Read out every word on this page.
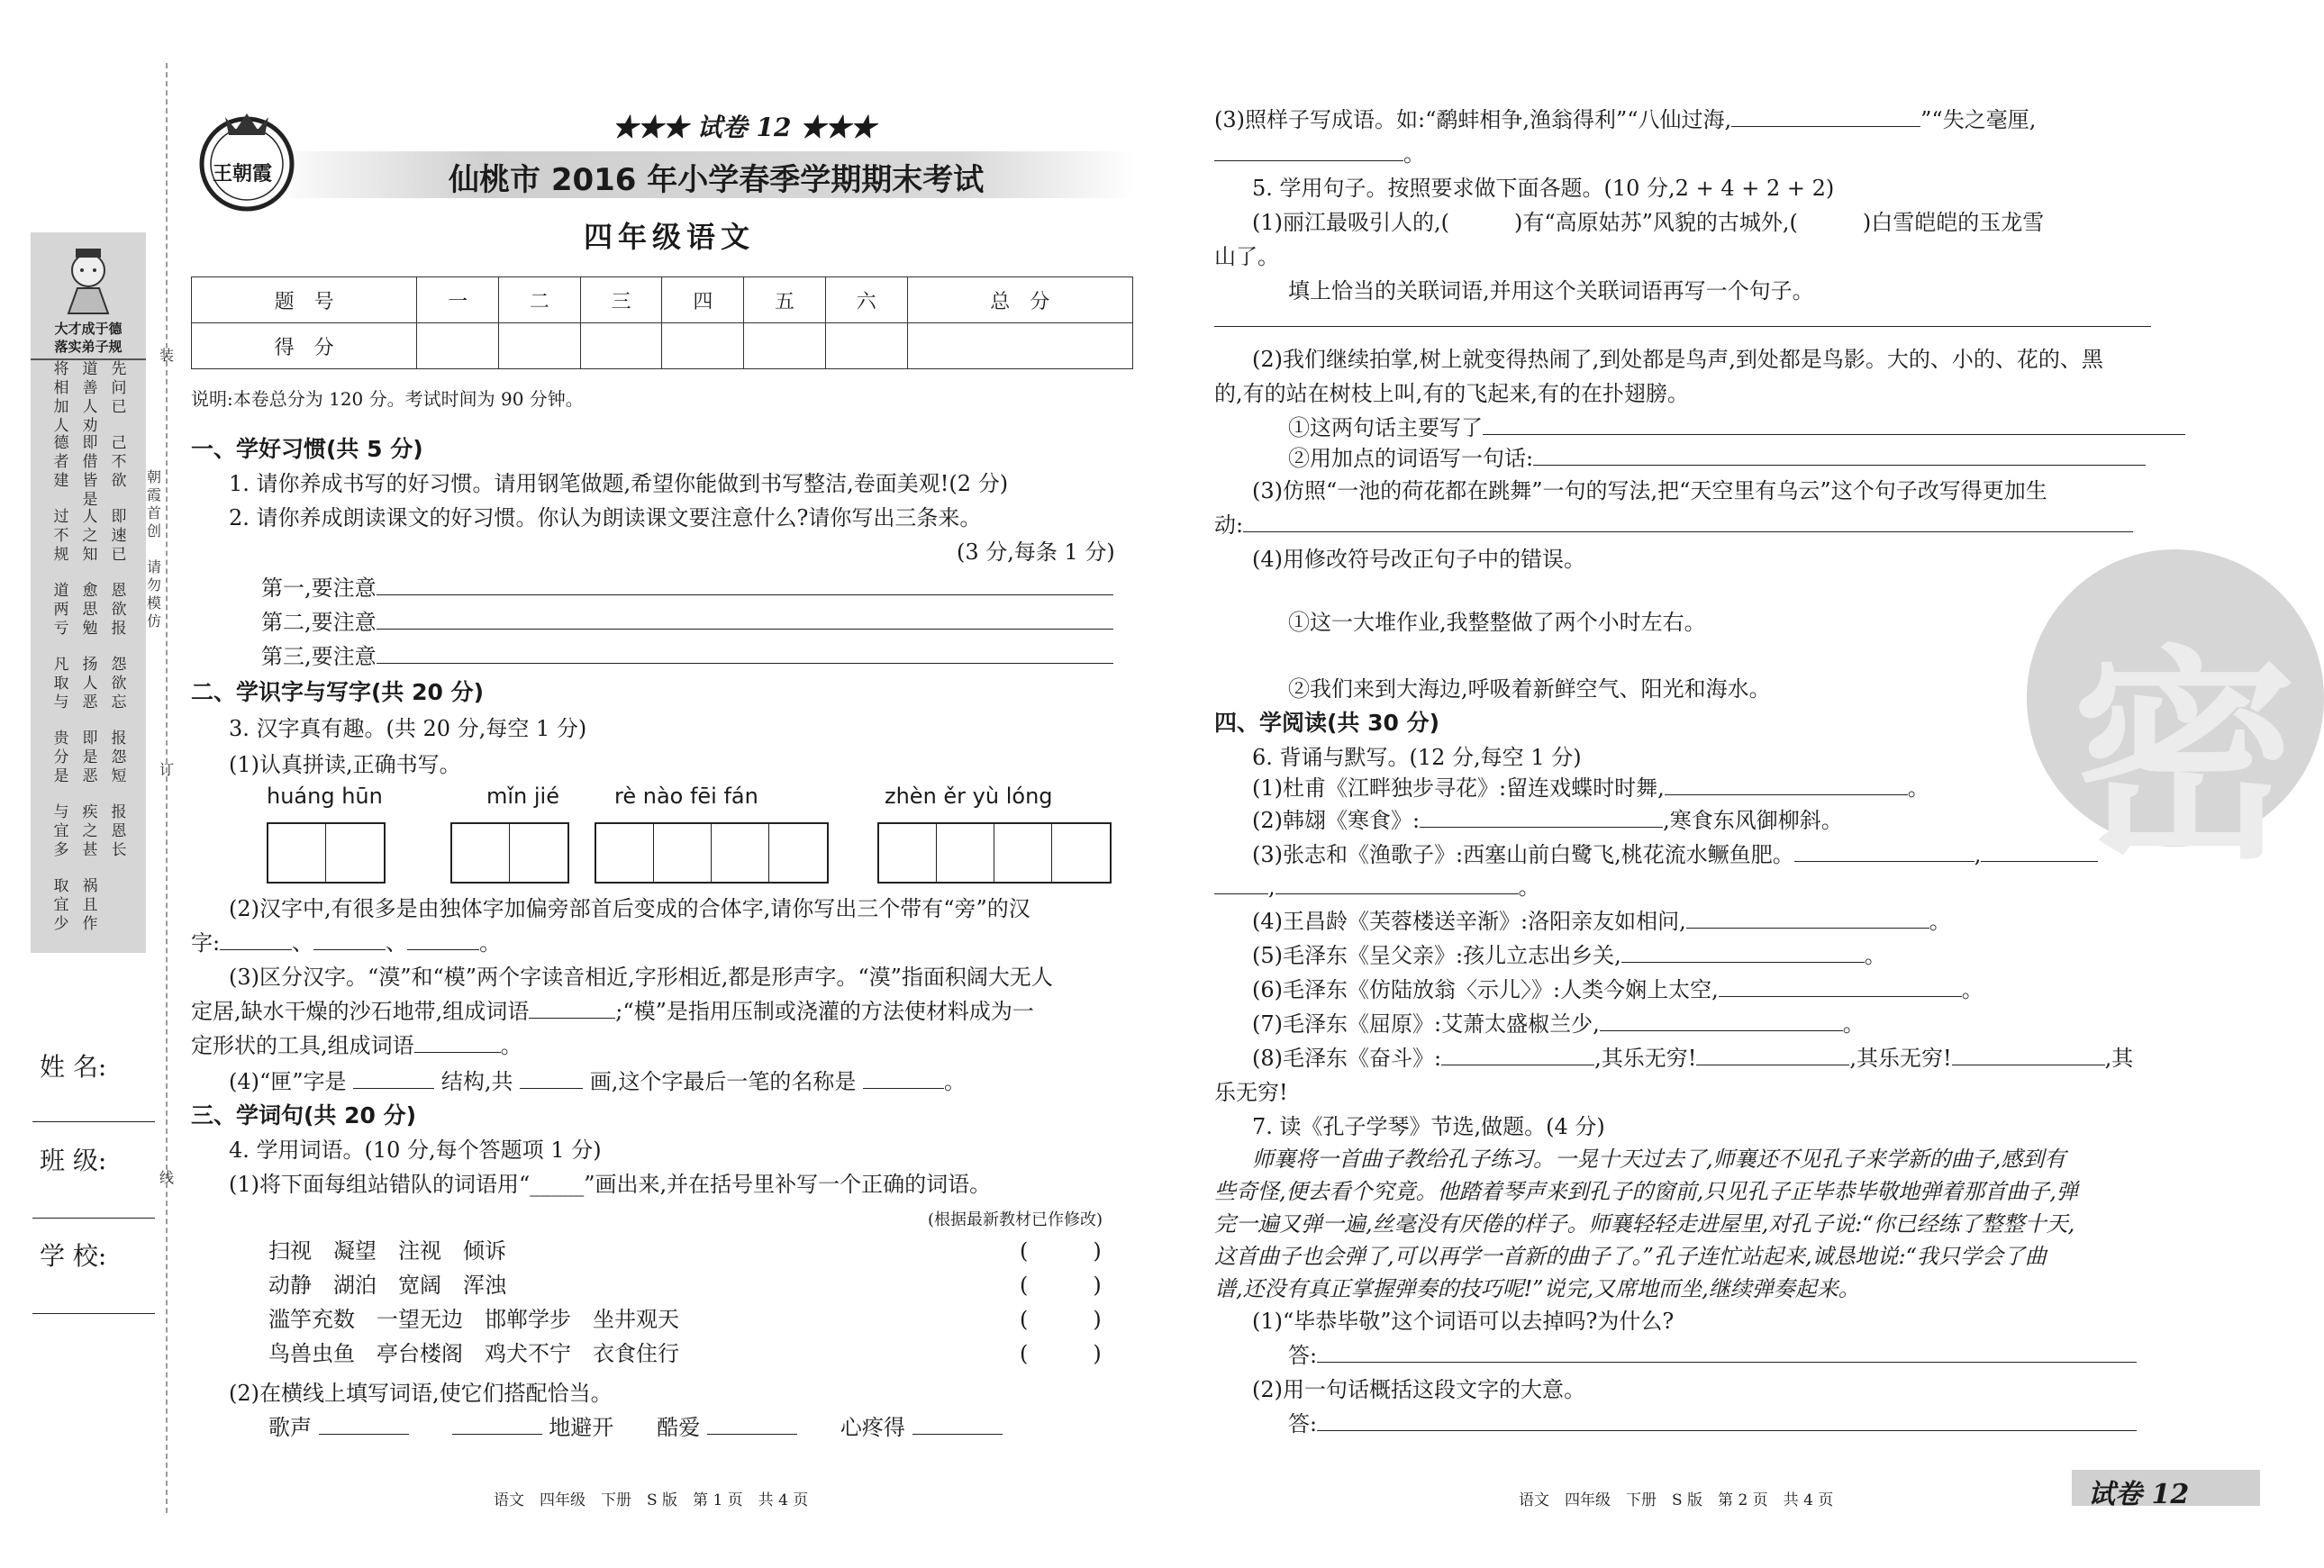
大才成于德
落实弟子规
将相加人
道善人劝
先问已
德者建
即借皆是
己不欲
过不规
人之知
即速已
道两亏
愈思勉
恩欲报
凡取与
扬人恶
怨欲忘
贵分是
即是恶
报怨短
与宜多
疾之甚
报恩长
取宜少
祸且作
装
订
线
朝霞首创
请勿模仿
姓 名:
班 级:
学 校:
王朝霞
★★★ 试卷 12 ★★★
仙桃市 2016 年小学春季学期期末考试
四年级语文
题　号	一	二	三	四	五	六	总　分
得　分							
说明:本卷总分为 120 分。考试时间为 90 分钟。
一、学好习惯(共 5 分)
1. 请你养成书写的好习惯。请用钢笔做题,希望你能做到书写整洁,卷面美观!(2 分)
2. 请你养成朗读课文的好习惯。你认为朗读课文要注意什么?请你写出三条来。
(3 分,每条 1 分)
第一,要注意
第二,要注意
第三,要注意
二、学识字与写字(共 20 分)
3. 汉字真有趣。(共 20 分,每空 1 分)
(1)认真拼读,正确书写。
huáng hūn	mǐn jié	rè nào fēi fán	zhèn ěr yù lóng
(2)汉字中,有很多是由独体字加偏旁部首后变成的合体字,请你写出三个带有“旁”的汉
字:	、	、	。
(3)区分汉字。“漠”和“模”两个字读音相近,字形相近,都是形声字。“漠”指面积阔大无人
定居,缺水干燥的沙石地带,组成词语	;“模”是指用压制或浇灌的方法使材料成为一
定形状的工具,组成词语	。
(4)“匣”字是	结构,共	画,这个字最后一笔的名称是	。
三、学词句(共 20 分)
4. 学用词语。(10 分,每个答题项 1 分)
(1)将下面每组站错队的词语用“_____”画出来,并在括号里补写一个正确的词语。
(根据最新教材已作修改)
扫视　凝望　注视　倾诉	(　　　)
动静　湖泊　宽阔　浑浊	(　　　)
滥竽充数　一望无边　邯郸学步　坐井观天	(　　　)
鸟兽虫鱼　亭台楼阁　鸡犬不宁　衣食住行	(　　　)
(2)在横线上填写词语,使它们搭配恰当。
歌声 　　	地避开　　 酷爱 　　	心疼得
语文　四年级　下册　S 版　第 1 页　共 4 页
(3)照样子写成语。如:“鹬蚌相争,渔翁得利”“八仙过海,	”“失之毫厘,
。
5. 学用句子。按照要求做下面各题。(10 分,2 + 4 + 2 + 2)
(1)丽江最吸引人的,(　　　)有“高原姑苏”风貌的古城外,(　　　)白雪皑皑的玉龙雪
山了。
填上恰当的关联词语,并用这个关联词语再写一个句子。
(2)我们继续拍掌,树上就变得热闹了,到处都是鸟声,到处都是鸟影。大的、小的、花的、黑
的,有的站在树枝上叫,有的飞起来,有的在扑翅膀。
①这两句话主要写了
②用加点的词语写一句话:
(3)仿照“一池的荷花都在跳舞”一句的写法,把“天空里有乌云”这个句子改写得更加生
动:
(4)用修改符号改正句子中的错误。
①这一大堆作业,我整整做了两个小时左右。
②我们来到大海边,呼吸着新鲜空气、阳光和海水。
四、学阅读(共 30 分)
6. 背诵与默写。(12 分,每空 1 分)
(1)杜甫《江畔独步寻花》:留连戏蝶时时舞,	。
(2)韩翃《寒食》:	,寒食东风御柳斜。
(3)张志和《渔歌子》:西塞山前白鹭飞,桃花流水鳜鱼肥。	,
,	。
(4)王昌龄《芙蓉楼送辛渐》:洛阳亲友如相问,	。
(5)毛泽东《呈父亲》:孩儿立志出乡关,	。
(6)毛泽东《仿陆放翁〈示儿〉》:人类今娴上太空,	。
(7)毛泽东《屈原》:艾萧太盛椒兰少,	。
(8)毛泽东《奋斗》:	,其乐无穷!	,其乐无穷!	,其
乐无穷!
7. 读《孔子学琴》节选,做题。(4 分)
师襄将一首曲子教给孔子练习。一晃十天过去了,师襄还不见孔子来学新的曲子,感到有
些奇怪,便去看个究竟。他踏着琴声来到孔子的窗前,只见孔子正毕恭毕敬地弹着那首曲子,弹
完一遍又弹一遍,丝毫没有厌倦的样子。师襄轻轻走进屋里,对孔子说:“你已经练了整整十天,
这首曲子也会弹了,可以再学一首新的曲子了。”孔子连忙站起来,诚恳地说:“我只学会了曲
谱,还没有真正掌握弹奏的技巧呢!”说完,又席地而坐,继续弹奏起来。
(1)“毕恭毕敬”这个词语可以去掉吗?为什么?
答:
(2)用一句话概括这段文字的大意。
答:
语文　四年级　下册　S 版　第 2 页　共 4 页	试卷 12
密
